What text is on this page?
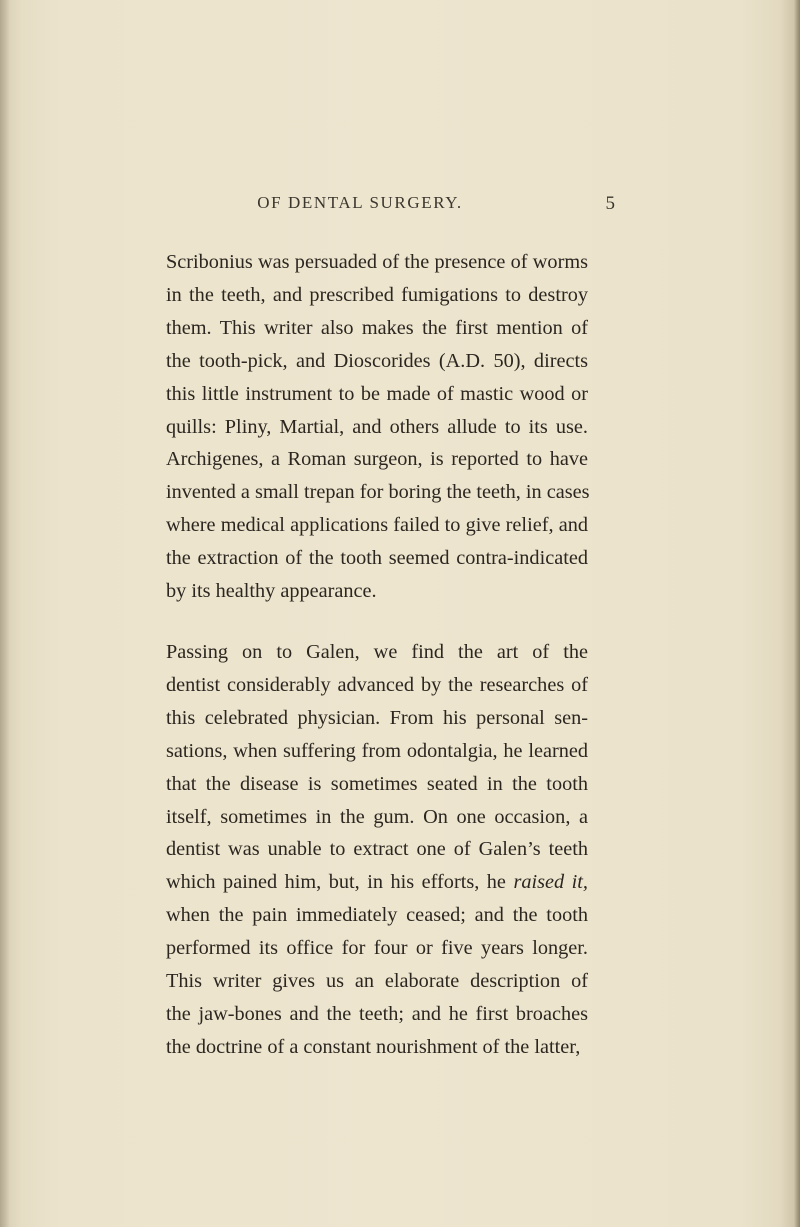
OF DENTAL SURGERY.	5

Scribonius was persuaded of the presence of worms
in the teeth, and prescribed fumigations to destroy
them. This writer also makes the first mention of
the tooth-pick, and Dioscorides (A.D. 50), directs
this little instrument to be made of mastic wood or
quills: Pliny, Martial, and others allude to its use.
Archigenes, a Roman surgeon, is reported to have
invented a small trepan for boring the teeth, in cases
where medical applications failed to give relief, and
the extraction of the tooth seemed contra-indicated
by its healthy appearance.

Passing on to Galen, we find the art of the
dentist considerably advanced by the researches of
this celebrated physician. From his personal sen-
sations, when suffering from odontalgia, he learned
that the disease is sometimes seated in the tooth
itself, sometimes in the gum. On one occasion, a
dentist was unable to extract one of Galen’s teeth
which pained him, but, in his efforts, he raised it,
when the pain immediately ceased; and the tooth
performed its office for four or five years longer.
This writer gives us an elaborate description of
the jaw-bones and the teeth; and he first broaches
the doctrine of a constant nourishment of the latter,
